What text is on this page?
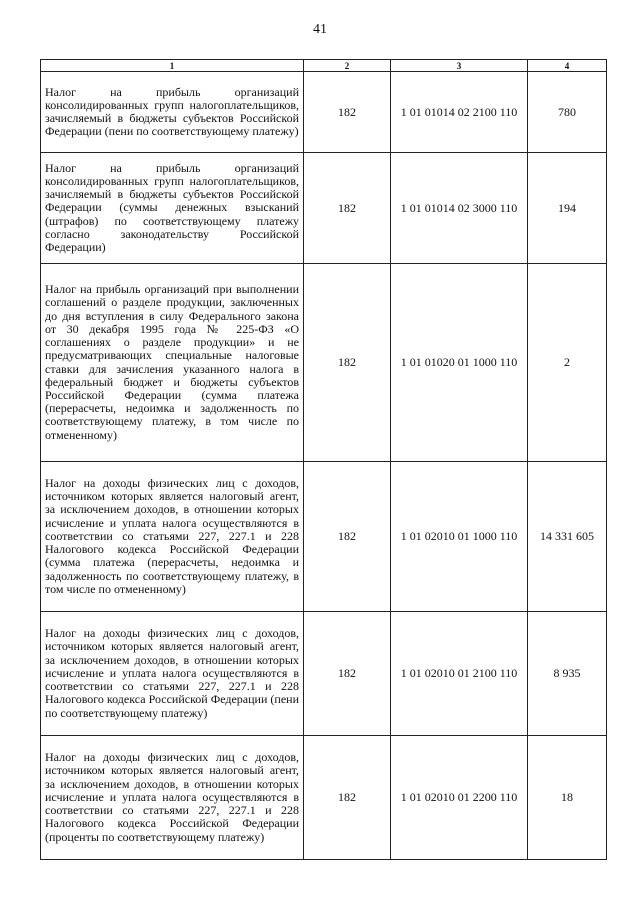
41
1	2	3	4
Налог на прибыль организаций консолидированных групп налогоплательщиков, зачисляемый в бюджеты субъектов Российской Федерации (пени по соответствующему платежу)	182	1 01 01014 02 2100 110	780
Налог на прибыль организаций консолидированных групп налогоплательщиков, зачисляемый в бюджеты субъектов Российской Федерации (суммы денежных взысканий (штрафов) по соответствующему платежу согласно законодательству Российской Федерации)	182	1 01 01014 02 3000 110	194
Налог на прибыль организаций при выполнении соглашений о разделе продукции, заключенных до дня вступления в силу Федерального закона от 30 декабря 1995 года № 225-ФЗ «О соглашениях о разделе продукции» и не предусматривающих специальные налоговые ставки для зачисления указанного налога в федеральный бюджет и бюджеты субъектов Российской Федерации (сумма платежа (перерасчеты, недоимка и задолженность по соответствующему платежу, в том числе по отмененному)	182	1 01 01020 01 1000 110	2
Налог на доходы физических лиц с доходов, источником которых является налоговый агент, за исключением доходов, в отношении которых исчисление и уплата налога осуществляются в соответствии со статьями 227, 227.1 и 228 Налогового кодекса Российской Федерации (сумма платежа (перерасчеты, недоимка и задолженность по соответствующему платежу, в том числе по отмененному)	182	1 01 02010 01 1000 110	14 331 605
Налог на доходы физических лиц с доходов, источником которых является налоговый агент, за исключением доходов, в отношении которых исчисление и уплата налога осуществляются в соответствии со статьями 227, 227.1 и 228 Налогового кодекса Российской Федерации (пени по соответствующему платежу)	182	1 01 02010 01 2100 110	8 935
Налог на доходы физических лиц с доходов, источником которых является налоговый агент, за исключением доходов, в отношении которых исчисление и уплата налога осуществляются в соответствии со статьями 227, 227.1 и 228 Налогового кодекса Российской Федерации (проценты по соответствующему платежу)	182	1 01 02010 01 2200 110	18
